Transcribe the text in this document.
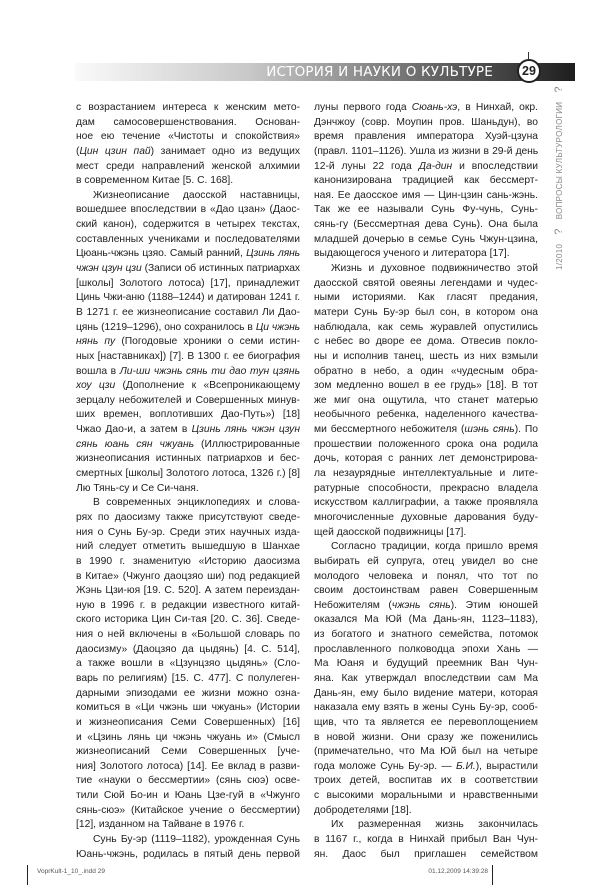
ИСТОРИЯ И НАУКИ О КУЛЬТУРЕ	29
с возрастанием интереса к женским мето-
дам самосовершенствования. Основан-
ное ею течение «Чистоты и спокойствия»
(Цин цзин пай) занимает одно из ведущих
мест среди направлений женской алхимии
в современном Китае [5. С. 168].
Жизнеописание даосской наставницы,
вошедшее впоследствии в «Дао цзан» (Даос-
ский канон), содержится в четырех текстах,
составленных учениками и последователями
Цюань-чжэнь цзяо. Самый ранний, Цзинь лянь
чжэн цзун цзи (Записи об истинных патриархах
[школы] Золотого лотоса) [17], принадлежит
Цинь Чжи-аню (1188–1244) и датирован 1241 г.
В 1271 г. ее жизнеописание составил Ли Дао-
цянь (1219–1296), оно сохранилось в Ци чжэнь
нянь пу (Погодовые хроники о семи истин-
ных [наставниках]) [7]. В 1300 г. ее биография
вошла в Ли-ши чжэнь сянь ти дао тун цзянь
хоу цзи (Дополнение к «Всепроникающему
зерцалу небожителей и Совершенных минув-
ших времен, воплотивших Дао-Путь») [18]
Чжао Дао-и, а затем в Цзинь лянь чжэн цзун
сянь юань сян чжуань (Иллюстрированные
жизнеописания истинных патриархов и бес-
смертных [школы] Золотого лотоса, 1326 г.) [8]
Лю Тянь-су и Се Си-чаня.
В современных энциклопедиях и слова-
рях по даосизму также присутствуют сведе-
ния о Сунь Бу-эр. Среди этих научных изда-
ний следует отметить вышедшую в Шанхае
в 1990 г. знаменитую «Историю даосизма
в Китае» (Чжунго даоцзяо ши) под редакцией
Жэнь Цзи-юя [19. С. 520]. А затем переиздан-
ную в 1996 г. в редакции известного китай-
ского историка Цин Си-тая [20. С. 36]. Сведе-
ния о ней включены в «Большой словарь по
даосизму» (Даоцзяо да цыдянь) [4. С. 514],
а также вошли в «Цзунцзяо цыдянь» (Сло-
варь по религиям) [15. С. 477]. С полулеген-
дарными эпизодами ее жизни можно озна-
комиться в «Ци чжэнь ши чжуань» (Истории
и жизнеописания Семи Совершенных) [16]
и «Цзинь лянь ци чжэнь чжуань и» (Смысл
жизнеописаний Семи Совершенных [уче-
ния] Золотого лотоса) [14]. Ее вклад в разви-
тие «науки о бессмертии» (сянь сюэ) осве-
тили Сюй Бо-ин и Юань Цзе-гуй в «Чжунго
сянь-сюэ» (Китайское учение о бессмертии)
[12], изданном на Тайване в 1976 г.
Сунь Бу-эр (1119–1182), урожденная Сунь
Юань-чжэнь, родилась в пятый день первой
луны первого года Сюань-хэ, в Нинхай, окр.
Дэнчжоу (совр. Моупин пров. Шаньдун), во
время правления императора Хуэй-цзуна
(правл. 1101–1126). Ушла из жизни в 29-й день
12-й луны 22 года Да-дин и впоследствии
канонизирована традицией как бессмерт-
ная. Ее даосское имя — Цин-цзин сань-жэнь.
Так же ее называли Сунь Фу-чунь, Сунь-
сянь-гу (Бессмертная дева Сунь). Она была
младшей дочерью в семье Сунь Чжун-цзина,
выдающегося ученого и литератора [17].
Жизнь и духовное подвижничество этой
даосской святой овеяны легендами и чудес-
ными историями. Как гласят предания,
матери Сунь Бу-эр был сон, в котором она
наблюдала, как семь журавлей опустились
с небес во дворе ее дома. Отвесив покло-
ны и исполнив танец, шесть из них взмыли
обратно в небо, а один «чудесным обра-
зом медленно вошел в ее грудь» [18]. В тот
же миг она ощутила, что станет матерью
необычного ребенка, наделенного качества-
ми бессмертного небожителя (шэнь сянь). По
прошествии положенного срока она родила
дочь, которая с ранних лет демонстрирова-
ла незаурядные интеллектуальные и лите-
ратурные способности, прекрасно владела
искусством каллиграфии, а также проявляла
многочисленные духовные дарования буду-
щей даосской подвижницы [17].
Согласно традиции, когда пришло время
выбирать ей супруга, отец увидел во сне
молодого человека и понял, что тот по
своим достоинствам равен Совершенным
Небожителям (чжэнь сянь). Этим юношей
оказался Ма Юй (Ма Дань-ян, 1123–1183),
из богатого и знатного семейства, потомок
прославленного полководца эпохи Хань —
Ма Юаня и будущий преемник Ван Чун-
яна. Как утверждал впоследствии сам Ма
Дань-ян, ему было видение матери, которая
наказала ему взять в жены Сунь Бу-эр, сооб-
щив, что та является ее перевоплощением
в новой жизни. Они сразу же поженились
(примечательно, что Ма Юй был на четыре
года моложе Сунь Бу-эр. — Б.И.), вырастили
троих детей, воспитав их в соответствии
с высокими моральными и нравственными
добродетелями [18].
Их размеренная жизнь закончилась
в 1167 г., когда в Нинхай прибыл Ван Чун-
ян. Даос был приглашен семейством
1/2010?ВОПРОСЫ КУЛЬТУРОЛОГИИ?
VoprKult-1_10_.indd 29	01.12.2009 14:39:28
